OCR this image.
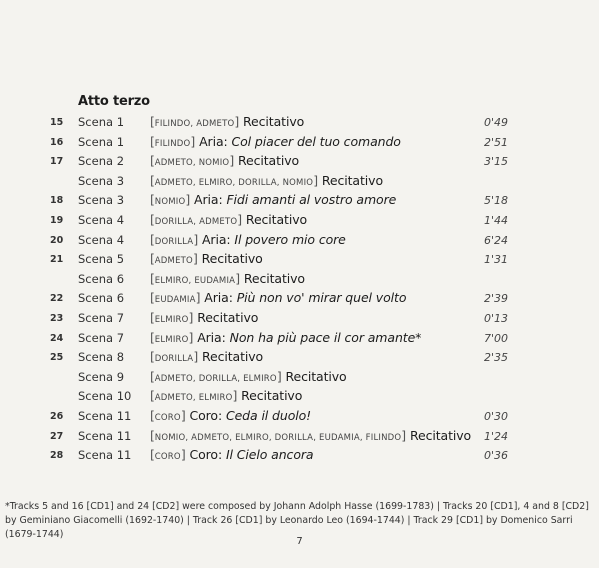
Atto terzo
15 Scena 1 [FILINDO, ADMETO] Recitativo	0'49
16 Scena 1 [FILINDO] Aria: Col piacer del tuo comando	2'51
17 Scena 2 [ADMETO, NOMIO] Recitativo	3'15
Scena 3 [ADMETO, ELMIRO, DORILLA, NOMIO] Recitativo
18 Scena 3 [NOMIO] Aria: Fidi amanti al vostro amore	5'18
19 Scena 4 [DORILLA, ADMETO] Recitativo	1'44
20 Scena 4 [DORILLA] Aria: Il povero mio core	6'24
21 Scena 5 [ADMETO] Recitativo	1'31
Scena 6 [ELMIRO, EUDAMIA] Recitativo
22 Scena 6 [EUDAMIA] Aria: Più non vo' mirar quel volto	2'39
23 Scena 7 [ELMIRO] Recitativo	0'13
24 Scena 7 [ELMIRO] Aria: Non ha più pace il cor amante*	7'00
25 Scena 8 [DORILLA] Recitativo	2'35
Scena 9 [ADMETO, DORILLA, ELMIRO] Recitativo
Scena 10 [ADMETO, ELMIRO] Recitativo
26 Scena 11 [CORO] Coro: Ceda il duolo!	0'30
27 Scena 11 [NOMIO, ADMETO, ELMIRO, DORILLA, EUDAMIA, FILINDO] Recitativo 1'24
28 Scena 11 [CORO] Coro: Il Cielo ancora	0'36
*Tracks 5 and 16 [CD1] and 24 [CD2] were composed by Johann Adolph Hasse (1699-1783) | Tracks 20 [CD1], 4 and 8 [CD2] by Geminiano Giacomelli (1692-1740) | Track 26 [CD1] by Leonardo Leo (1694-1744) | Track 29 [CD1] by Domenico Sarri (1679-1744)
7
